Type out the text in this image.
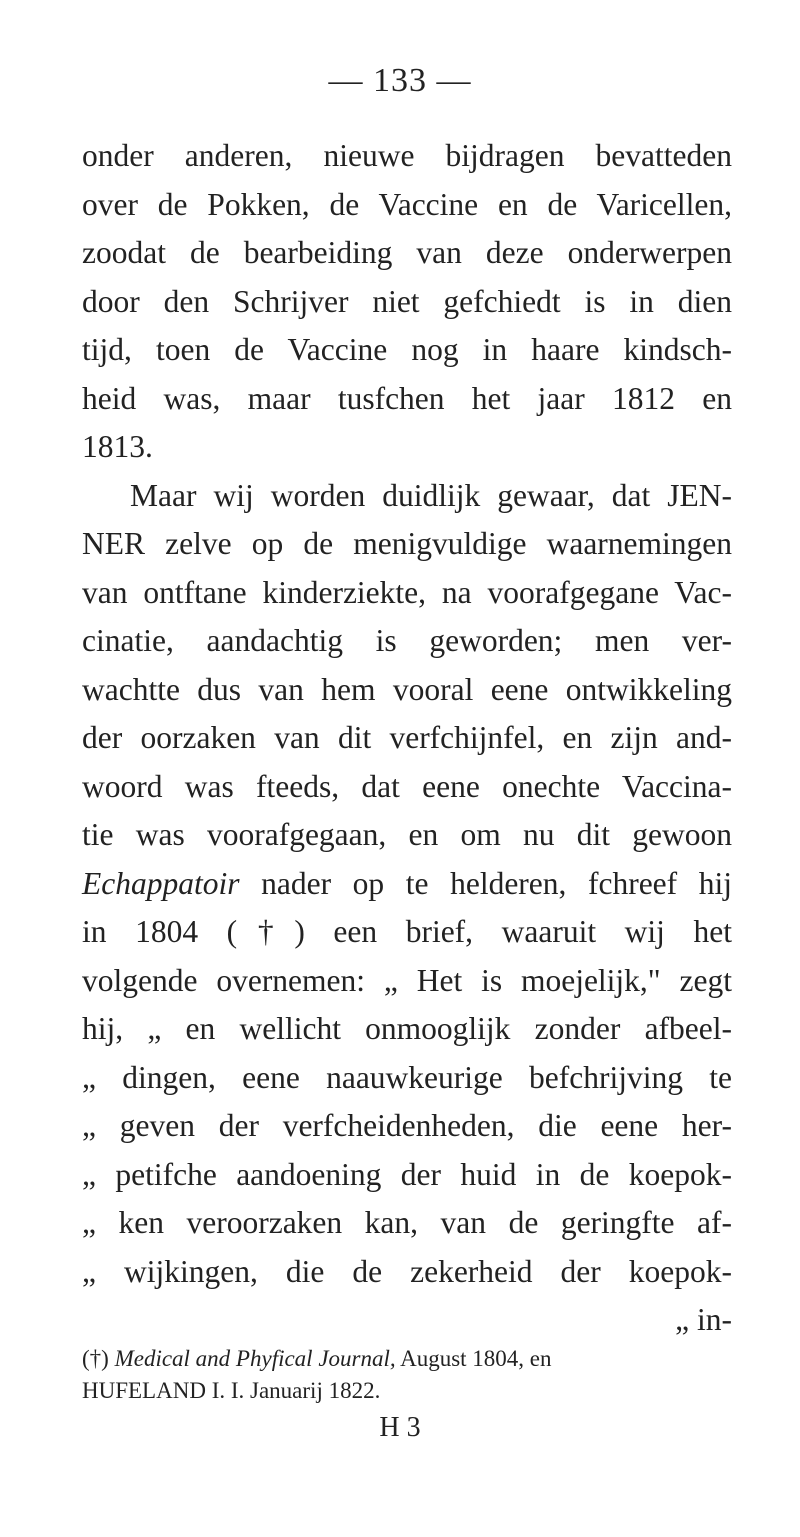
— 133 —
onder anderen, nieuwe bijdragen bevatteden
over de Pokken, de Vaccine en de Varicellen,
zoodat de bearbeiding van deze onderwerpen
door den Schrijver niet gefchiedt is in dien
tijd, toen de Vaccine nog in haare kindsch-
heid was, maar tusfchen het jaar 1812 en
1813.
Maar wij worden duidlijk gewaar, dat JEN-
NER zelve op de menigvuldige waarnemingen
van ontftane kinderziekte, na voorafgegane Vac-
cinatie, aandachtig is geworden; men ver-
wachtte dus van hem vooral eene ontwikkeling
der oorzaken van dit verfchijnfel, en zijn and-
woord was fteeds, dat eene onechte Vaccina-
tie was voorafgegaan, en om nu dit gewoon
Echappatoir nader op te helderen, fchreef hij
in 1804 (†) een brief, waaruit wij het
volgende overnemen: „ Het is moejelijk," zegt
hij, „ en wellicht onmooglijk zonder afbeel-
„ dingen, eene naauwkeurige befchrijving te
„ geven der verfcheidenheden, die eene her-
„ petifche aandoening der huid in de koepok-
„ ken veroorzaken kan, van de geringfte af-
„ wijkingen, die de zekerheid der koepok-
„ in-
(†) Medical and Phyfical Journal, August 1804, en
HUFELAND I. I. Januarij 1822.
H 3
